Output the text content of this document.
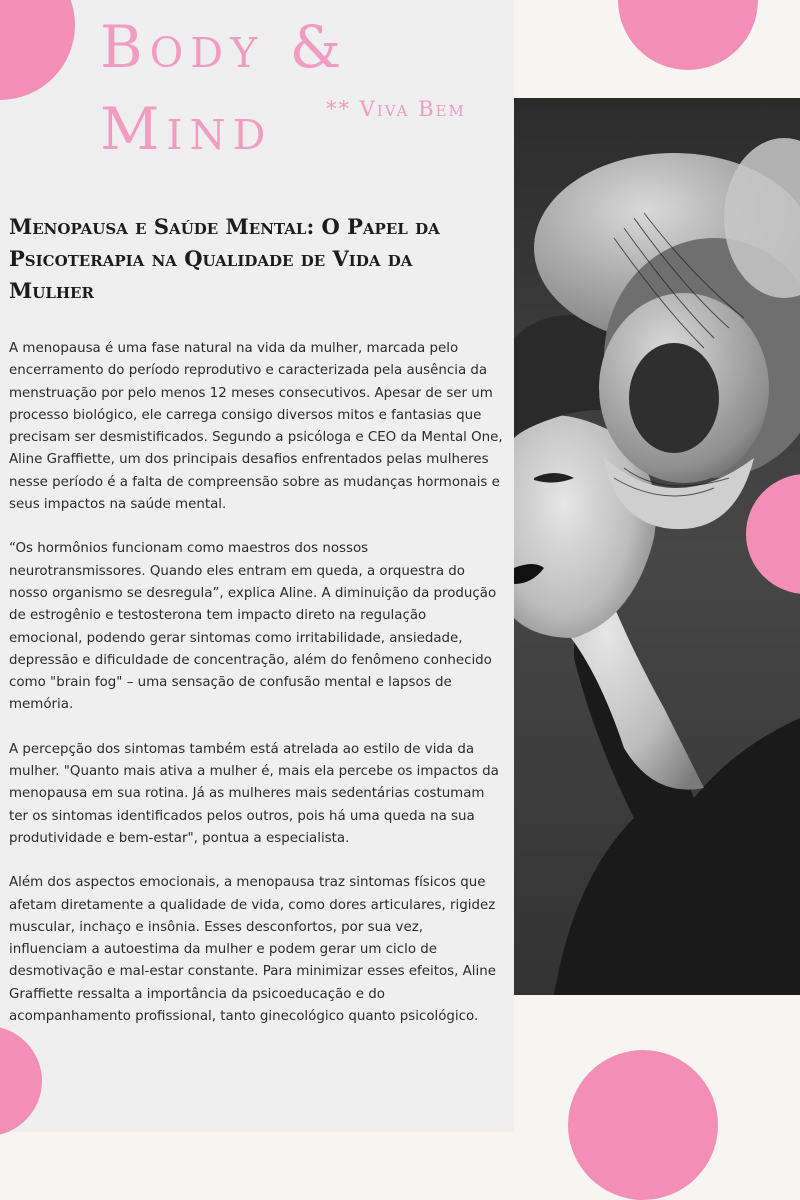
Body &
Mind	** Viva Bem
Menopausa e Saúde Mental: O Papel da Psicoterapia na Qualidade de Vida da Mulher

A menopausa é uma fase natural na vida da mulher, marcada pelo encerramento do período reprodutivo e caracterizada pela ausência da menstruação por pelo menos 12 meses consecutivos. Apesar de ser um processo biológico, ele carrega consigo diversos mitos e fantasias que precisam ser desmistificados. Segundo a psicóloga e CEO da Mental One, Aline Graffiette, um dos principais desafios enfrentados pelas mulheres nesse período é a falta de compreensão sobre as mudanças hormonais e seus impactos na saúde mental.

“Os hormônios funcionam como maestros dos nossos neurotransmissores. Quando eles entram em queda, a orquestra do nosso organismo se desregula”, explica Aline. A diminuição da produção de estrogênio e testosterona tem impacto direto na regulação emocional, podendo gerar sintomas como irritabilidade, ansiedade, depressão e dificuldade de concentração, além do fenômeno conhecido como "brain fog" – uma sensação de confusão mental e lapsos de memória.

A percepção dos sintomas também está atrelada ao estilo de vida da mulher. "Quanto mais ativa a mulher é, mais ela percebe os impactos da menopausa em sua rotina. Já as mulheres mais sedentárias costumam ter os sintomas identificados pelos outros, pois há uma queda na sua produtividade e bem-estar", pontua a especialista.

Além dos aspectos emocionais, a menopausa traz sintomas físicos que afetam diretamente a qualidade de vida, como dores articulares, rigidez muscular, inchaço e insônia. Esses desconfortos, por sua vez, influenciam a autoestima da mulher e podem gerar um ciclo de desmotivação e mal-estar constante. Para minimizar esses efeitos, Aline Graffiette ressalta a importância da psicoeducação e do acompanhamento profissional, tanto ginecológico quanto psicológico.
